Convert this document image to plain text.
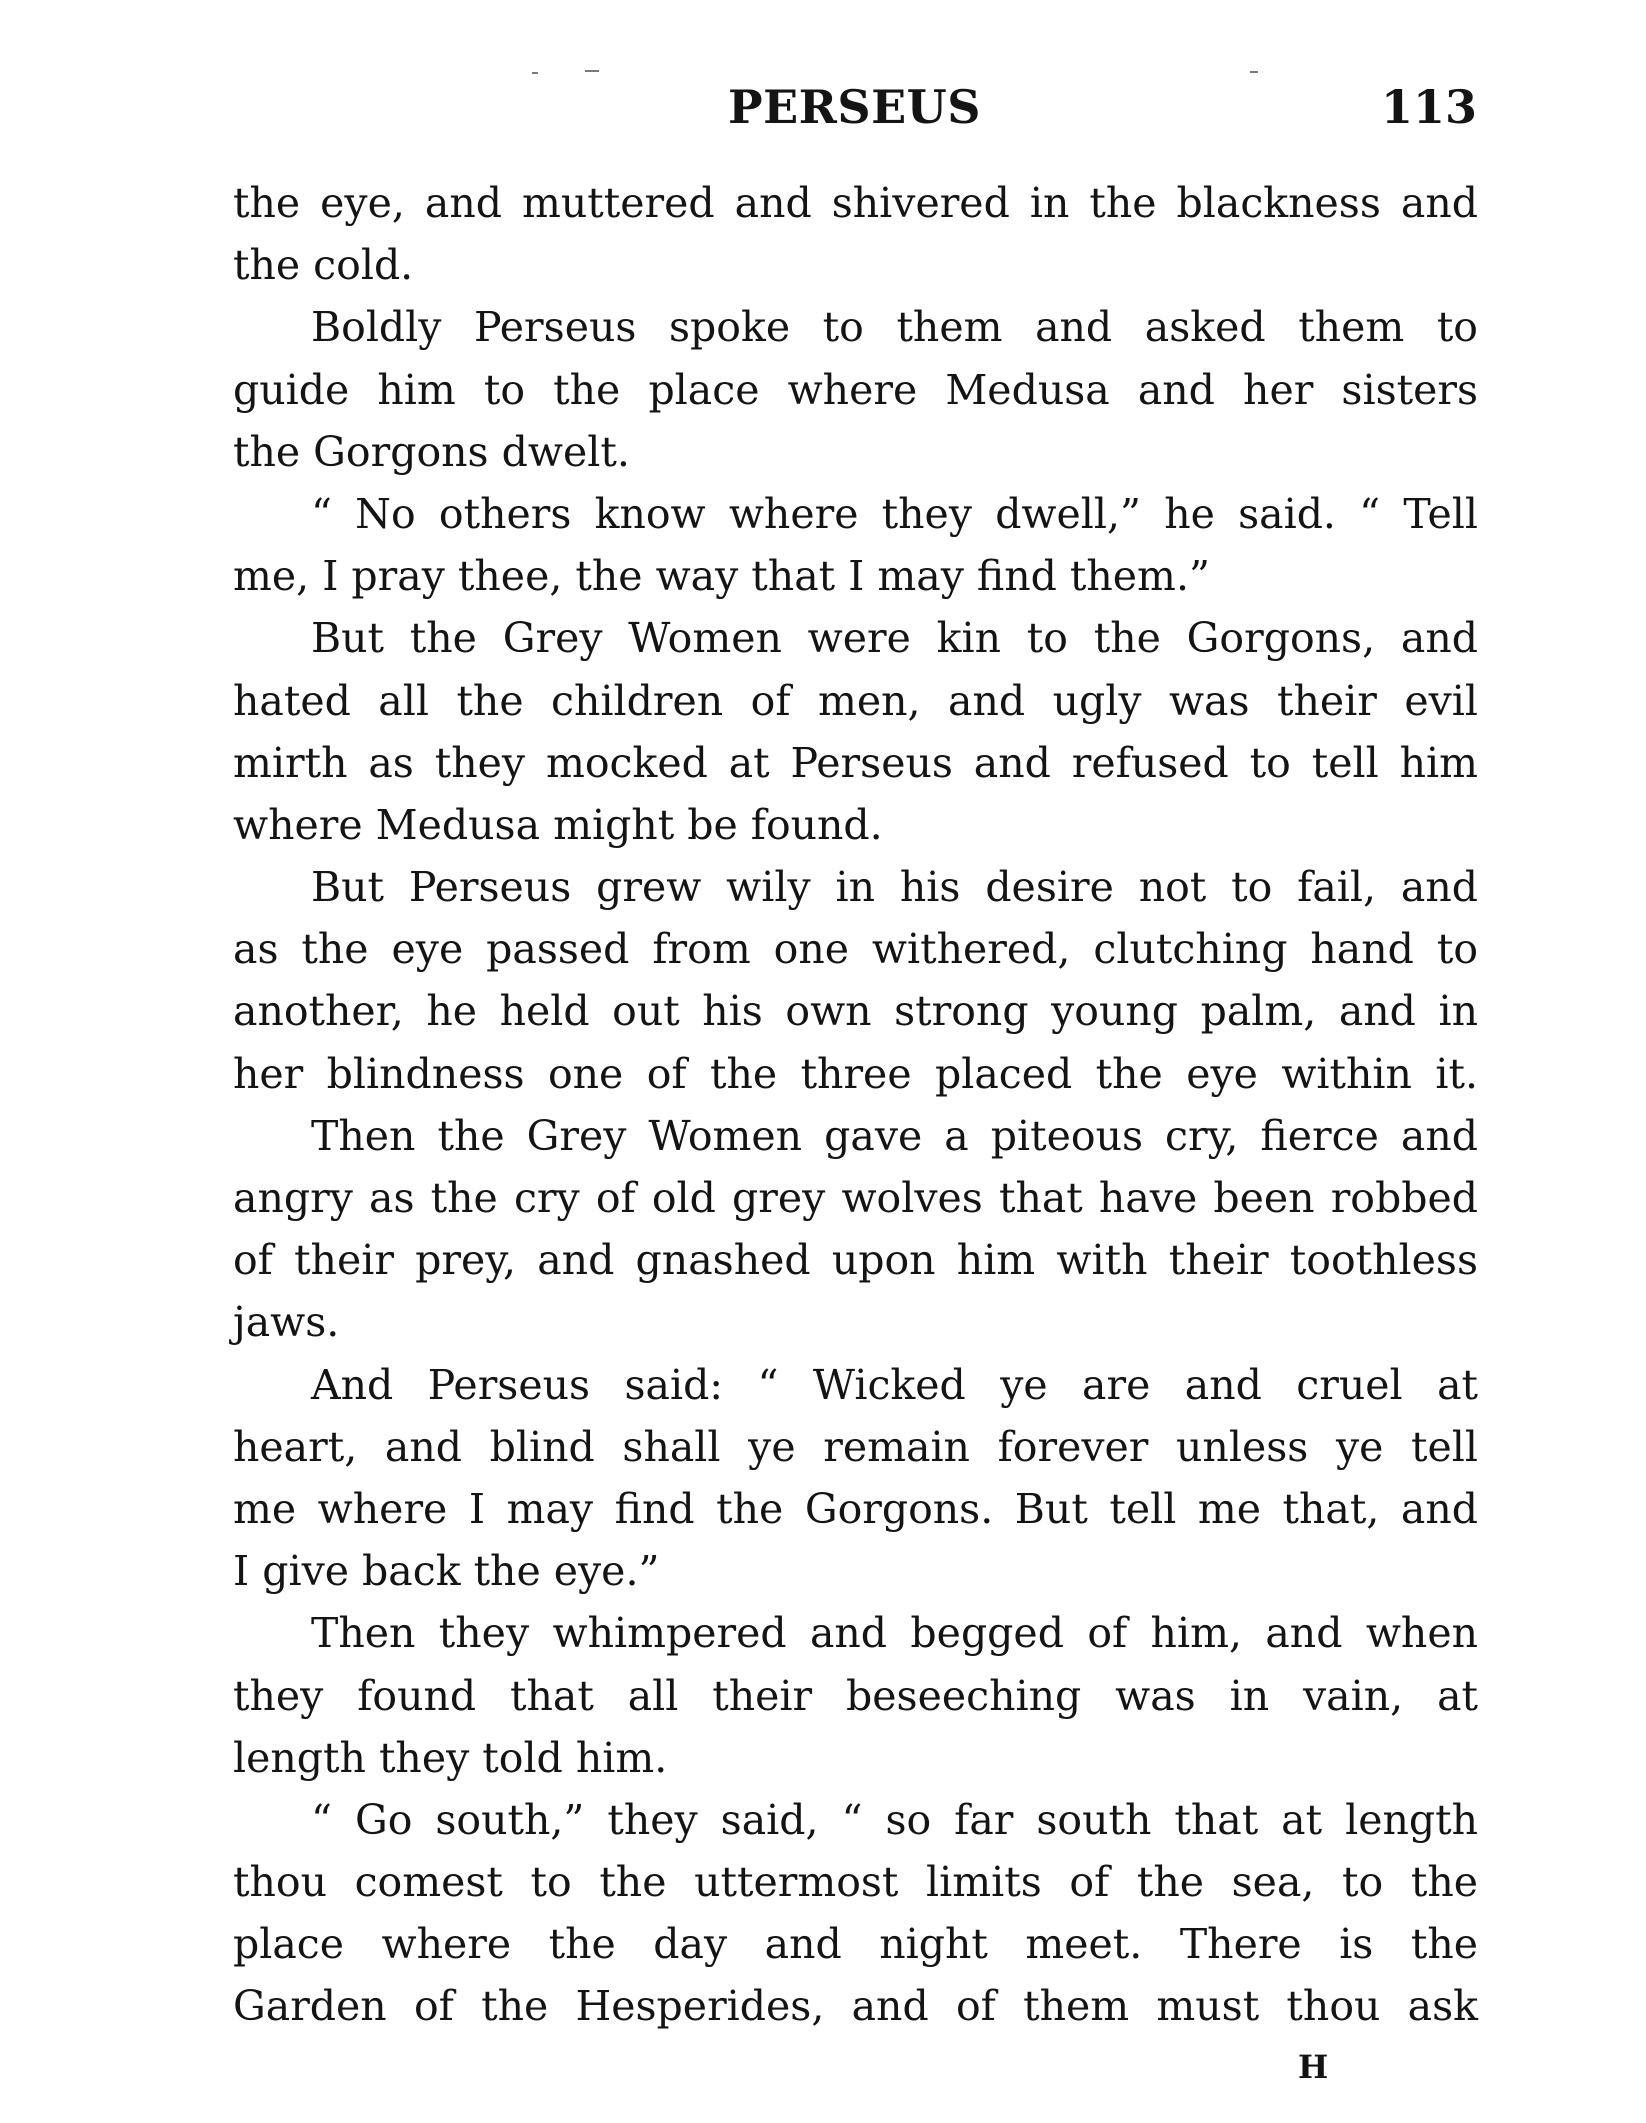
PERSEUS	113
the eye, and muttered and shivered in the blackness and
the cold.
Boldly Perseus spoke to them and asked them to
guide him to the place where Medusa and her sisters
the Gorgons dwelt.
“ No others know where they dwell,” he said. “ Tell
me, I pray thee, the way that I may find them.”
But the Grey Women were kin to the Gorgons, and
hated all the children of men, and ugly was their evil
mirth as they mocked at Perseus and refused to tell him
where Medusa might be found.
But Perseus grew wily in his desire not to fail, and
as the eye passed from one withered, clutching hand to
another, he held out his own strong young palm, and in
her blindness one of the three placed the eye within it.
Then the Grey Women gave a piteous cry, fierce and
angry as the cry of old grey wolves that have been robbed
of their prey, and gnashed upon him with their toothless
jaws.
And Perseus said: “ Wicked ye are and cruel at
heart, and blind shall ye remain forever unless ye tell
me where I may find the Gorgons. But tell me that, and
I give back the eye.”
Then they whimpered and begged of him, and when
they found that all their beseeching was in vain, at
length they told him.
“ Go south,” they said, “ so far south that at length
thou comest to the uttermost limits of the sea, to the
place where the day and night meet. There is the
Garden of the Hesperides, and of them must thou ask
H
